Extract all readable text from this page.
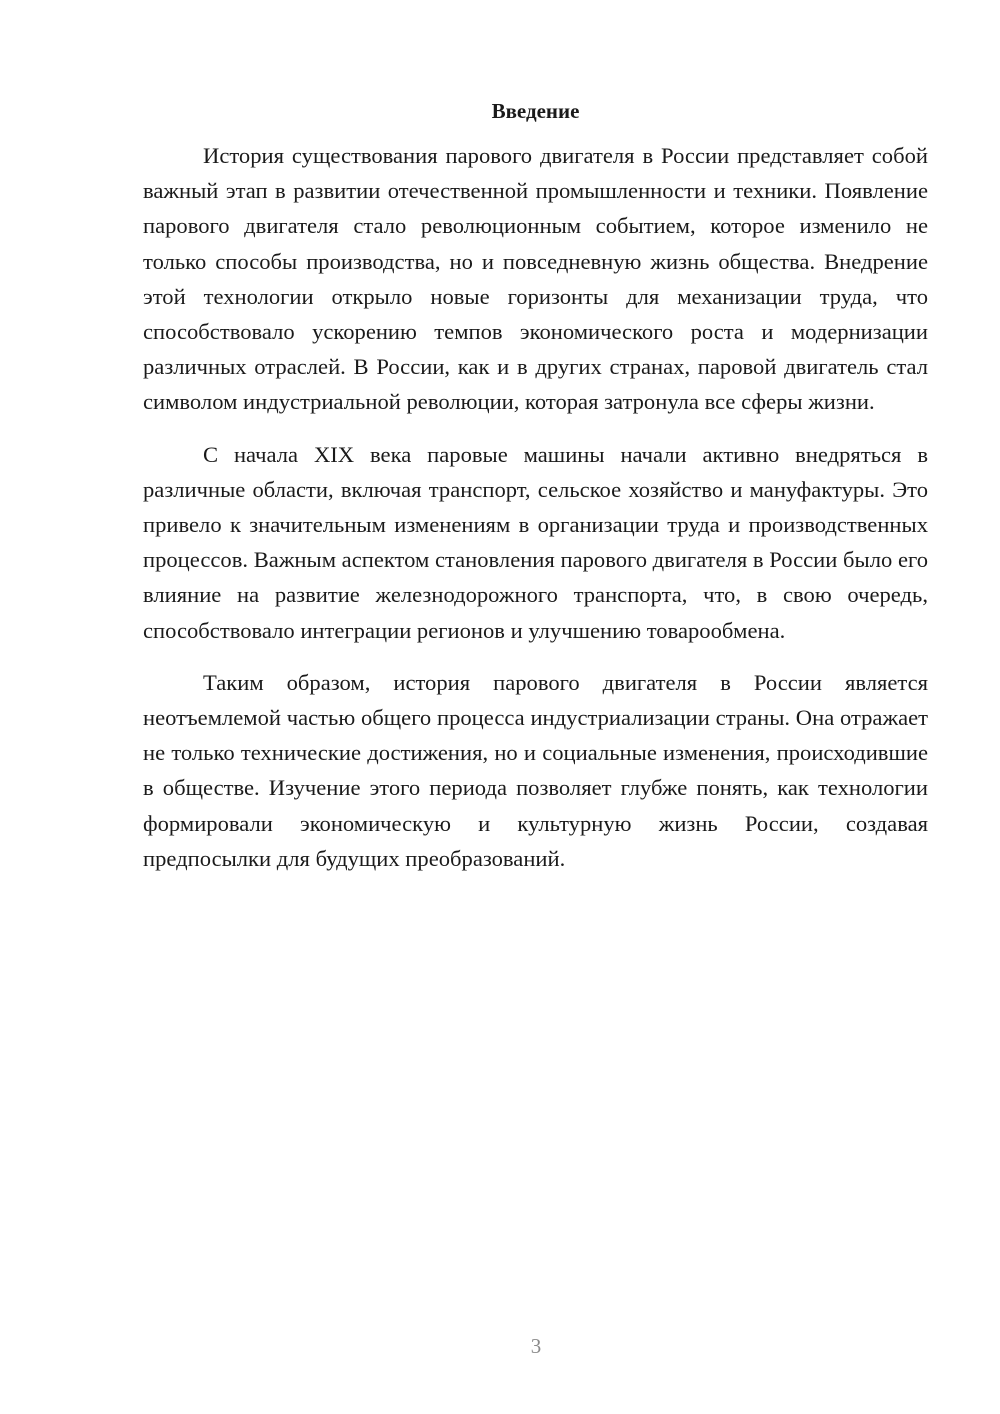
Введение

История существования парового двигателя в России представляет собой важный этап в развитии отечественной промышленности и техники. Появление парового двигателя стало революционным событием, которое изменило не только способы производства, но и повседневную жизнь общества. Внедрение этой технологии открыло новые горизонты для механизации труда, что способствовало ускорению темпов экономического роста и модернизации различных отраслей. В России, как и в других странах, паровой двигатель стал символом индустриальной революции, которая затронула все сферы жизни.

С начала XIX века паровые машины начали активно внедряться в различные области, включая транспорт, сельское хозяйство и мануфактуры. Это привело к значительным изменениям в организации труда и производственных процессов. Важным аспектом становления парового двигателя в России было его влияние на развитие железнодорожного транспорта, что, в свою очередь, способствовало интеграции регионов и улучшению товарообмена.

Таким образом, история парового двигателя в России является неотъемлемой частью общего процесса индустриализации страны. Она отражает не только технические достижения, но и социальные изменения, происходившие в обществе. Изучение этого периода позволяет глубже понять, как технологии формировали экономическую и культурную жизнь России, создавая предпосылки для будущих преобразований.

3
